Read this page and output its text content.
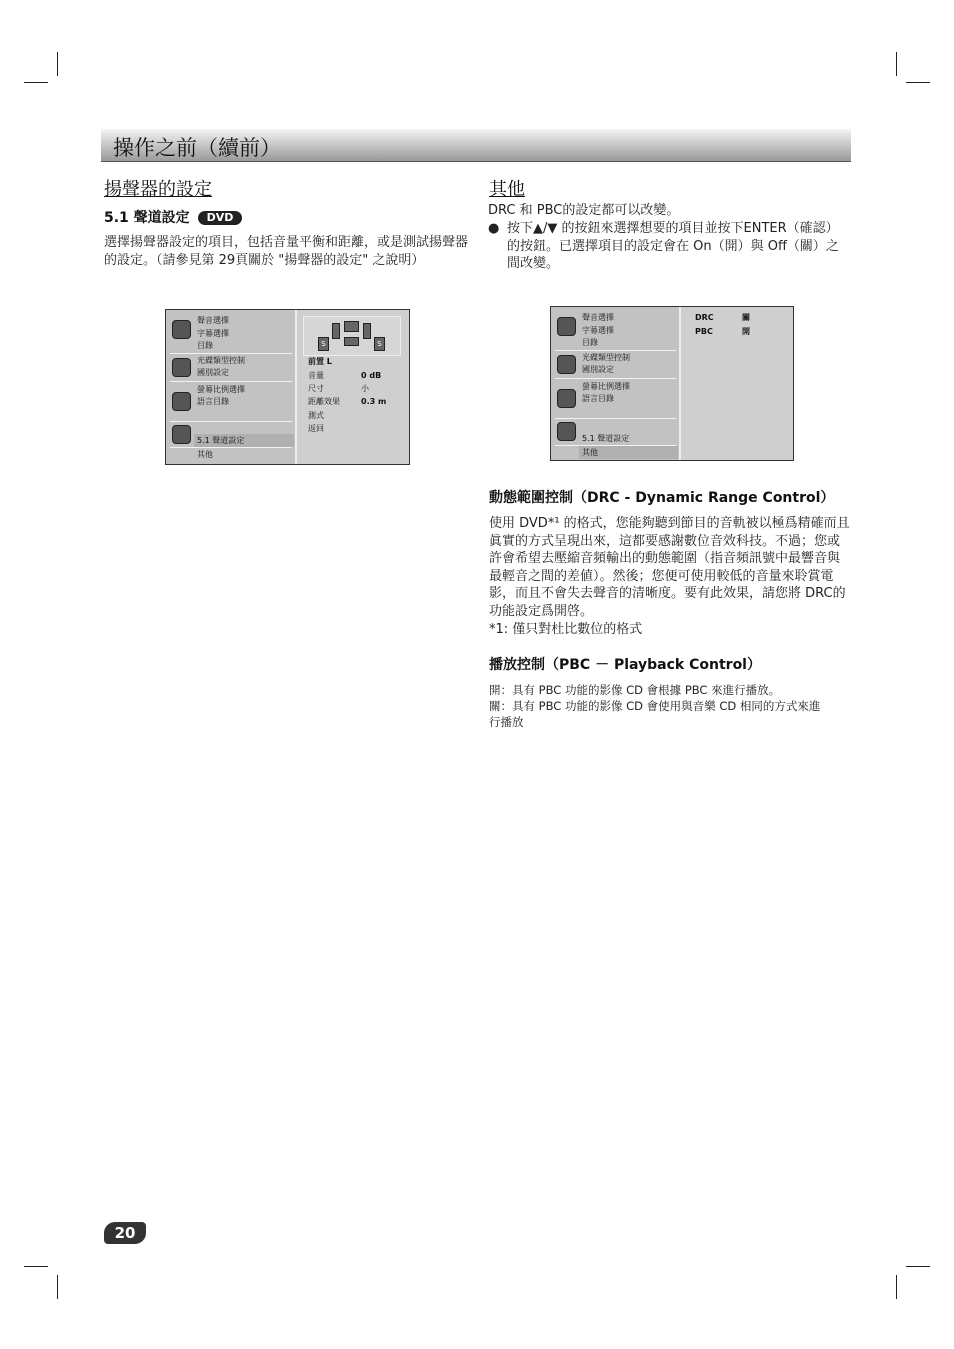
操作之前（續前）
揚聲器的設定
5.1 聲道設定 DVD
選擇揚聲器設定的項目，包括音量平衡和距離，或是測試揚聲器的設定。（請參見第 29頁關於 "揚聲器的設定" 之說明）
聲音選擇
字幕選擇
目錄
光碟類型控制
國別設定
螢幕比例選擇
語言目錄
5.1 聲道設定
其他
S	S
前置 L
音量	0 dB
尺寸	小
距離效果	0.3 m
測式
返回
其他
DRC 和 PBC的設定都可以改變。
● 按下▲/▼ 的按鈕來選擇想要的項目並按下ENTER（確認）的按鈕。已選擇項目的設定會在 On（開）與 Off（關）之間改變。
聲音選擇
字幕選擇
目錄
光碟類型控制
國別設定
螢幕比例選擇
語言目錄
5.1 聲道設定
其他
DRC	關
PBC	開
動態範圍控制（DRC - Dynamic Range Control）
使用 DVD*¹ 的格式，您能夠聽到節目的音軌被以極爲精確而且眞實的方式呈現出來，這都要感謝數位音效科技。不過；您或許會希望去壓縮音頻輸出的動態範圍（指音頻訊號中最響音與最輕音之間的差値）。然後；您便可使用較低的音量來聆賞電影，而且不會失去聲音的清晰度。要有此效果，請您將 DRC的功能設定爲開啓。
*1: 僅只對杜比數位的格式
播放控制（PBC － Playback Control）
開：具有 PBC 功能的影像 CD 會根據 PBC 來進行播放。
關：具有 PBC 功能的影像 CD 會使用與音樂 CD 相同的方式來進行播放
20
